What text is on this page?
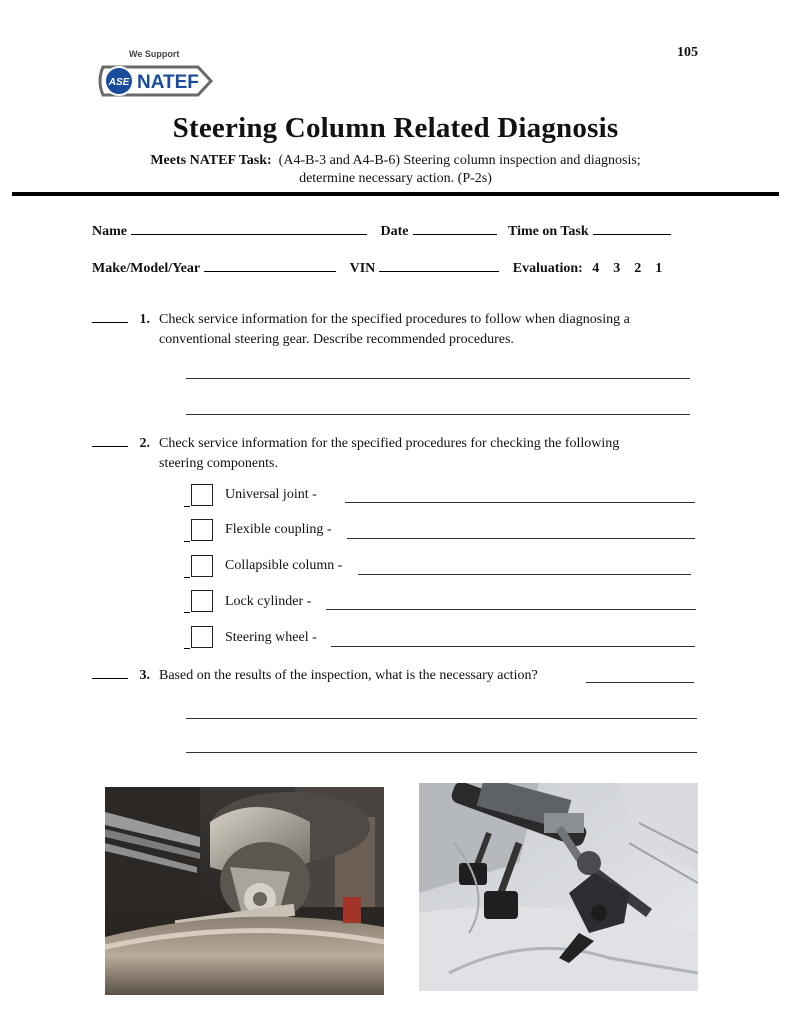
We Support
ASE NATEF
105
Steering Column Related Diagnosis
Meets NATEF Task: (A4-B-3 and A4-B-6) Steering column inspection and diagnosis;
determine necessary action. (P-2s)
Name	Date	Time on Task
Make/Model/Year	VIN	Evaluation: 4    3    2    1
1. Check service information for the specified procedures to follow when diagnosing a
conventional steering gear. Describe recommended procedures.
2. Check service information for the specified procedures for checking the following
steering components.
Universal joint -
Flexible coupling -
Collapsible column -
Lock cylinder -
Steering wheel -
3. Based on the results of the inspection, what is the necessary action?
